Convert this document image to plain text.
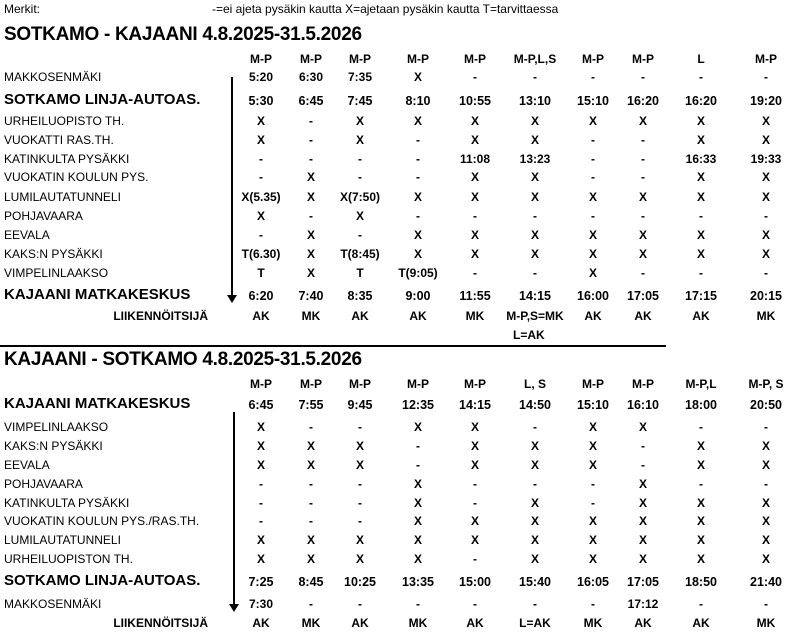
Merkit:	-=ei ajeta pysäkin kautta X=ajetaan pysäkin kautta T=tarvittaessa
SOTKAMO - KAJAANI 4.8.2025-31.5.2026
M-P M-P M-P	M-P	M-P M-P,L,S M-P M-P	L	M-P
MAKKOSENMÄKI	5:20 6:30 7:35	X	-	-	-	-	-	-
SOTKAMO LINJA-AUTOAS.	5:30 6:45 7:45	8:10 10:55 13:10 15:10 16:20 16:20	19:20
URHEILUOPISTO TH.	X	-	X	X	X	X	X	X	X	X
VUOKATTI RAS.TH.	X	-	X	-	X	X	-	-	X	X
KATINKULTA PYSÄKKI	-	-	-	-	11:08 13:23	-	-	16:33	19:33
VUOKATIN KOULUN PYS.	-	X	-	-	X	X	-	-	X	X
LUMILAUTATUNNELI	X(5.35) X X(7:50)	X	X	X	X	X	X	X
POHJAVAARA	X	-	X	-	-	-	-	-	-	-
EEVALA	-	X	-	X	X	X	X	X	X	X
KAKS:N PYSÄKKI	T(6.30) X T(8:45)	X	X	X	X	X	X	X
VIMPELINLAAKSO	T	X	T	T(9:05)	-	-	X	-	-	-
KAJAANI MATKAKESKUS	6:20 7:40 8:35	9:00 11:55 14:15 16:00 17:05 17:15	20:15
LIIKENNÖITSIJÄ	AK	MK	AK	AK	MK M-P,S=MK AK	AK	AK	MK
L=AK
KAJAANI - SOTKAMO 4.8.2025-31.5.2026
M-P M-P M-P	M-P	M-P	L, S	M-P M-P	M-P,L	M-P, S
KAJAANI MATKAKESKUS	6:45 7:55 9:45 12:35 14:15 14:50 15:10 16:10 18:00	20:50
VIMPELINLAAKSO	X	-	-	X	X	-	X	X	-	-
KAKS:N PYSÄKKI	X	X	X	-	X	X	X	-	X	X
EEVALA	X	X	X	-	X	X	X	-	X	X
POHJAVAARA	-	-	-	X	-	-	-	X	-	-
KATINKULTA PYSÄKKI	-	-	-	X	-	X	-	X	X	X
VUOKATIN KOULUN PYS./RAS.TH.	-	-	-	X	X	X	X	X	X	X
LUMILAUTATUNNELI	X	X	X	X	X	X	X	X	X	X
URHEILUOPISTON TH.	X	X	X	X	-	X	X	X	X	X
SOTKAMO LINJA-AUTOAS.	7:25 8:45 10:25 13:35 15:00 15:40 16:05 17:05 18:50	21:40
MAKKOSENMÄKI	7:30	-	-	-	-	-	-	17:12	-	-
LIIKENNÖITSIJÄ	AK	MK	AK	MK	AK	L=AK	MK	AK	AK	MK
